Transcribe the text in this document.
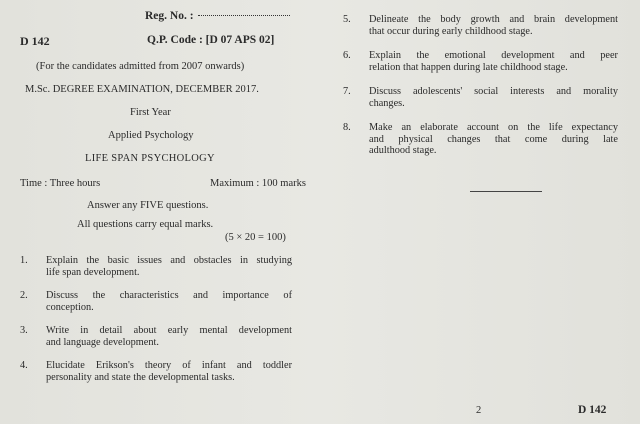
Reg. No. :
D 142	Q.P. Code : [D 07 APS 02]
(For the candidates admitted from 2007 onwards)
M.Sc. DEGREE EXAMINATION, DECEMBER 2017.
First Year
Applied Psychology
LIFE SPAN PSYCHOLOGY
Time : Three hours	Maximum : 100 marks
Answer any FIVE questions.
All questions carry equal marks.
(5 × 20 = 100)
1. Explain the basic issues and obstacles in studying
life span development.
2. Discuss the characteristics and importance of
conception.
3. Write in detail about early mental development
and language development.
4. Elucidate Erikson's theory of infant and toddler
personality and state the developmental tasks.
5. Delineate the body growth and brain development
that occur during early childhood stage.
6. Explain the emotional development and peer
relation that happen during late childhood stage.
7. Discuss adolescents' social interests and morality
changes.
8. Make an elaborate account on the life expectancy
and physical changes that come during late
adulthood stage.
2	D 142
